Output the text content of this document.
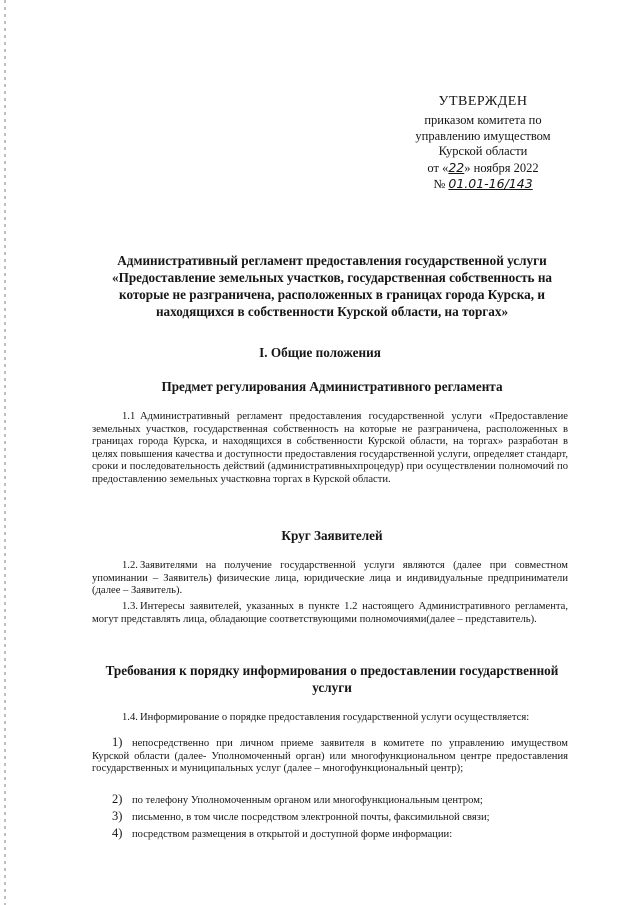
УТВЕРЖДЕН
приказом комитета по
управлению имуществом
Курской области
от «22» ноября 2022
№ 01.01-16/143
Административный регламент предоставления государственной услуги «Предоставление земельных участков, государственная собственность на которые не разграничена, расположенных в границах города Курска, и находящихся в собственности Курской области, на торгах»
I. Общие положения
Предмет регулирования Административного регламента
1.1 Административный регламент предоставления государственной услуги «Предоставление земельных участков, государственная собственность на которые не разграничена, расположенных в границах города Курска, и находящихся в собственности Курской области, на торгах» разработан в целях повышения качества и доступности предоставления государственной услуги, определяет стандарт, сроки и последовательность действий (административныхпроцедур) при осуществлении полномочий по предоставлению земельных участковна торгах в Курской области.
Круг Заявителей
1.2. Заявителями на получение государственной услуги являются (далее при совместном упоминании – Заявитель) физические лица, юридические лица и индивидуальные предприниматели (далее – Заявитель).
1.3. Интересы заявителей, указанных в пункте 1.2 настоящего Административного регламента, могут представлять лица, обладающие соответствующими полномочиями(далее – представитель).
Требования к порядку информирования о предоставлении государственной услуги
1.4. Информирование о порядке предоставления государственной услуги осуществляется:
1) непосредственно при личном приеме заявителя в комитете по управлению имуществом Курской области (далее- Уполномоченный орган) или многофункциональном центре предоставления государственных и муниципальных услуг (далее – многофункциональный центр);
2) по телефону Уполномоченным органом или многофункциональным центром;
3) письменно, в том числе посредством электронной почты, факсимильной связи;
4) посредством размещения в открытой и доступной форме информации:
